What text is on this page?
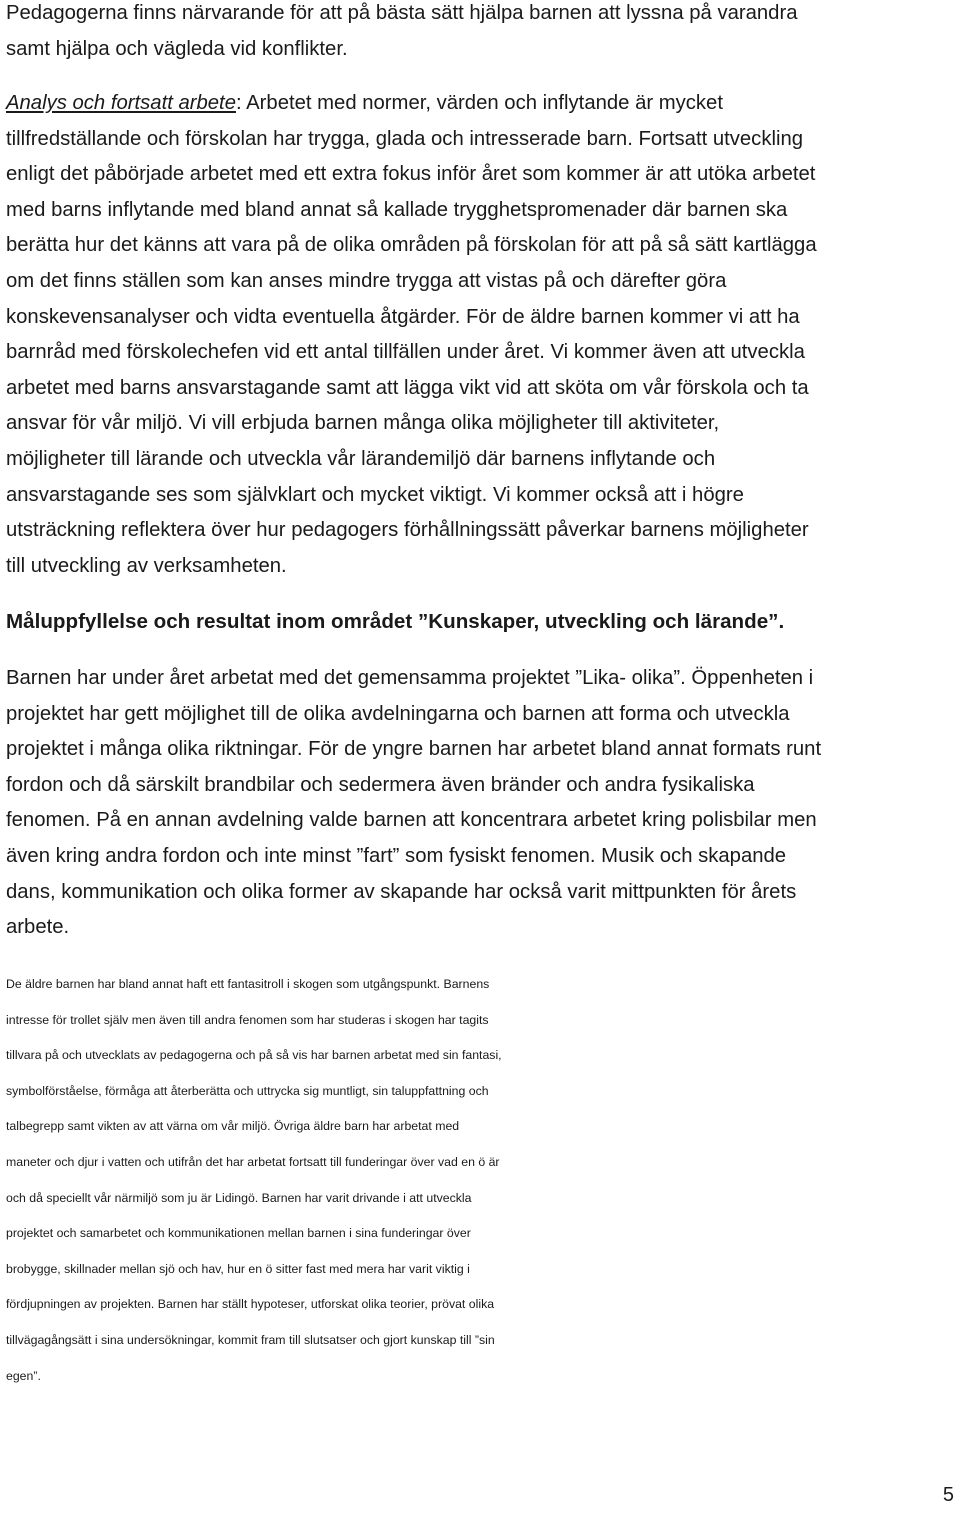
Pedagogerna finns närvarande för att på bästa sätt hjälpa barnen att lyssna på varandra
samt hjälpa och vägleda vid konflikter.
Analys och fortsatt arbete: Arbetet med normer, värden och inflytande är mycket
tillfredställande och förskolan har trygga, glada och intresserade barn. Fortsatt utveckling
enligt det påbörjade arbetet med ett extra fokus inför året som kommer är att utöka arbetet
med barns inflytande med bland annat så kallade trygghetspromenader där barnen ska
berätta hur det känns att vara på de olika områden på förskolan för att på så sätt kartlägga
om det finns ställen som kan anses mindre trygga att vistas på och därefter göra
konskevensanalyser och vidta eventuella åtgärder. För de äldre barnen kommer vi att ha
barnråd med förskolechefen vid ett antal tillfällen under året. Vi kommer även att utveckla
arbetet med barns ansvarstagande samt att lägga vikt vid att sköta om vår förskola och ta
ansvar för vår miljö. Vi vill erbjuda barnen många olika möjligheter till aktiviteter,
möjligheter till lärande och utveckla vår lärandemiljö där barnens inflytande och
ansvarstagande ses som självklart och mycket viktigt. Vi kommer också att i högre
utsträckning reflektera över hur pedagogers förhållningssätt påverkar barnens möjligheter
till utveckling av verksamheten.

Måluppfyllelse och resultat inom området ”Kunskaper, utveckling och lärande”.

Barnen har under året arbetat med det gemensamma projektet ”Lika- olika”. Öppenheten i
projektet har gett möjlighet till de olika avdelningarna och barnen att forma och utveckla
projektet i många olika riktningar. För de yngre barnen har arbetet bland annat formats runt
fordon och då särskilt brandbilar och sedermera även bränder och andra fysikaliska
fenomen. På en annan avdelning valde barnen att koncentrara arbetet kring polisbilar men
även kring andra fordon och inte minst ”fart” som fysiskt fenomen. Musik och skapande
dans, kommunikation och olika former av skapande har också varit mittpunkten för årets
arbete.
De äldre barnen har bland annat haft ett fantasitroll i skogen som utgångspunkt. Barnens
intresse för trollet själv men även till andra fenomen som har studeras i skogen har tagits
tillvara på och utvecklats av pedagogerna och på så vis har barnen arbetat med sin fantasi,
symbolförståelse, förmåga att återberätta och uttrycka sig muntligt, sin taluppfattning och
talbegrepp samt vikten av att värna om vår miljö. Övriga äldre barn har arbetat med
maneter och djur i vatten och utifrån det har arbetat fortsatt till funderingar över vad en ö är
och då speciellt vår närmiljö som ju är Lidingö. Barnen har varit drivande i att utveckla
projektet och samarbetet och kommunikationen mellan barnen i sina funderingar över
brobygge, skillnader mellan sjö och hav, hur en ö sitter fast med mera har varit viktig i
fördjupningen av projekten. Barnen har ställt hypoteser, utforskat olika teorier, prövat olika
tillvägagångsätt i sina undersökningar, kommit fram till slutsatser och gjort kunskap till ”sin
egen”.
5
